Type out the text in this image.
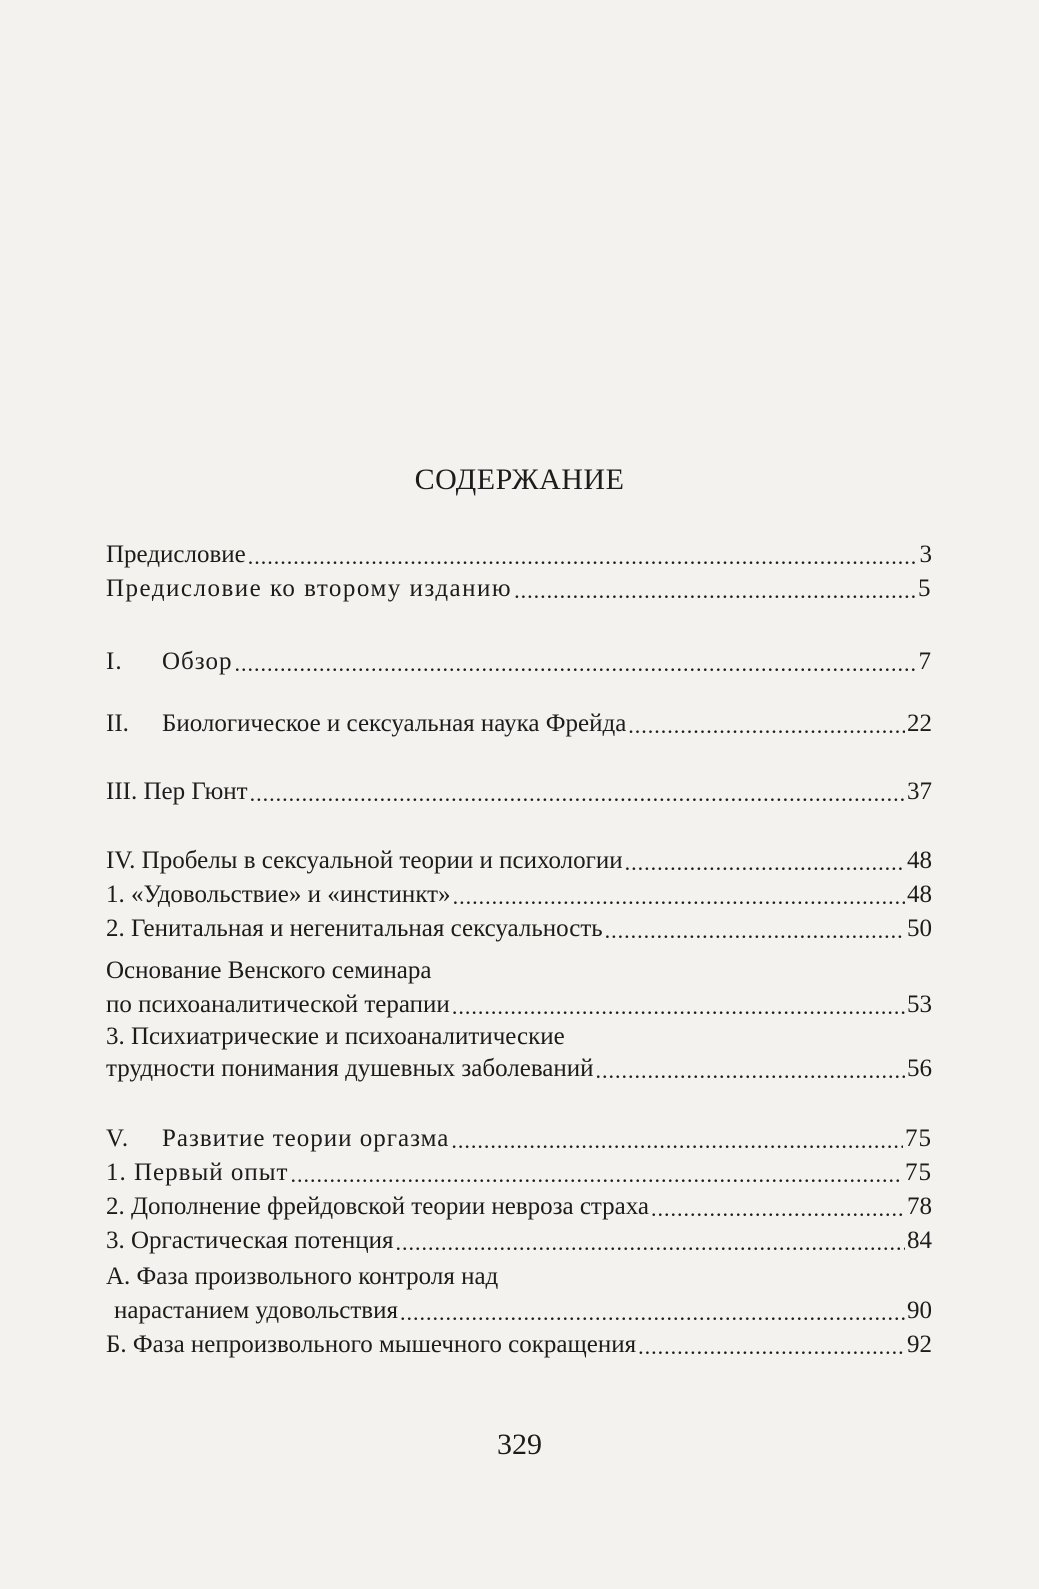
СОДЕРЖАНИЕ
Предисловие .....	3
Предисловие ко второму изданию .....	5
I. Обзор .....	7
II. Биологическое и сексуальная наука Фрейда .....	22
III. Пер Гюнт .....	37
IV. Пробелы в сексуальной теории и психологии .....	48
1. «Удовольствие» и «инстинкт» .....	48
2. Генитальная и негенитальная сексуальность .....	50
Основание Венского семинара
по психоаналитической терапии .....	53
3. Психиатрические и психоаналитические
трудности понимания душевных заболеваний .....	56
V. Развитие теории оргазма .....	75
1. Первый опыт .....	75
2. Дополнение фрейдовской теории невроза страха .....	78
3. Оргастическая потенция .....	84
А. Фаза произвольного контроля над
нарастанием удовольствия .....	90
Б. Фаза непроизвольного мышечного сокращения .....	92
329
